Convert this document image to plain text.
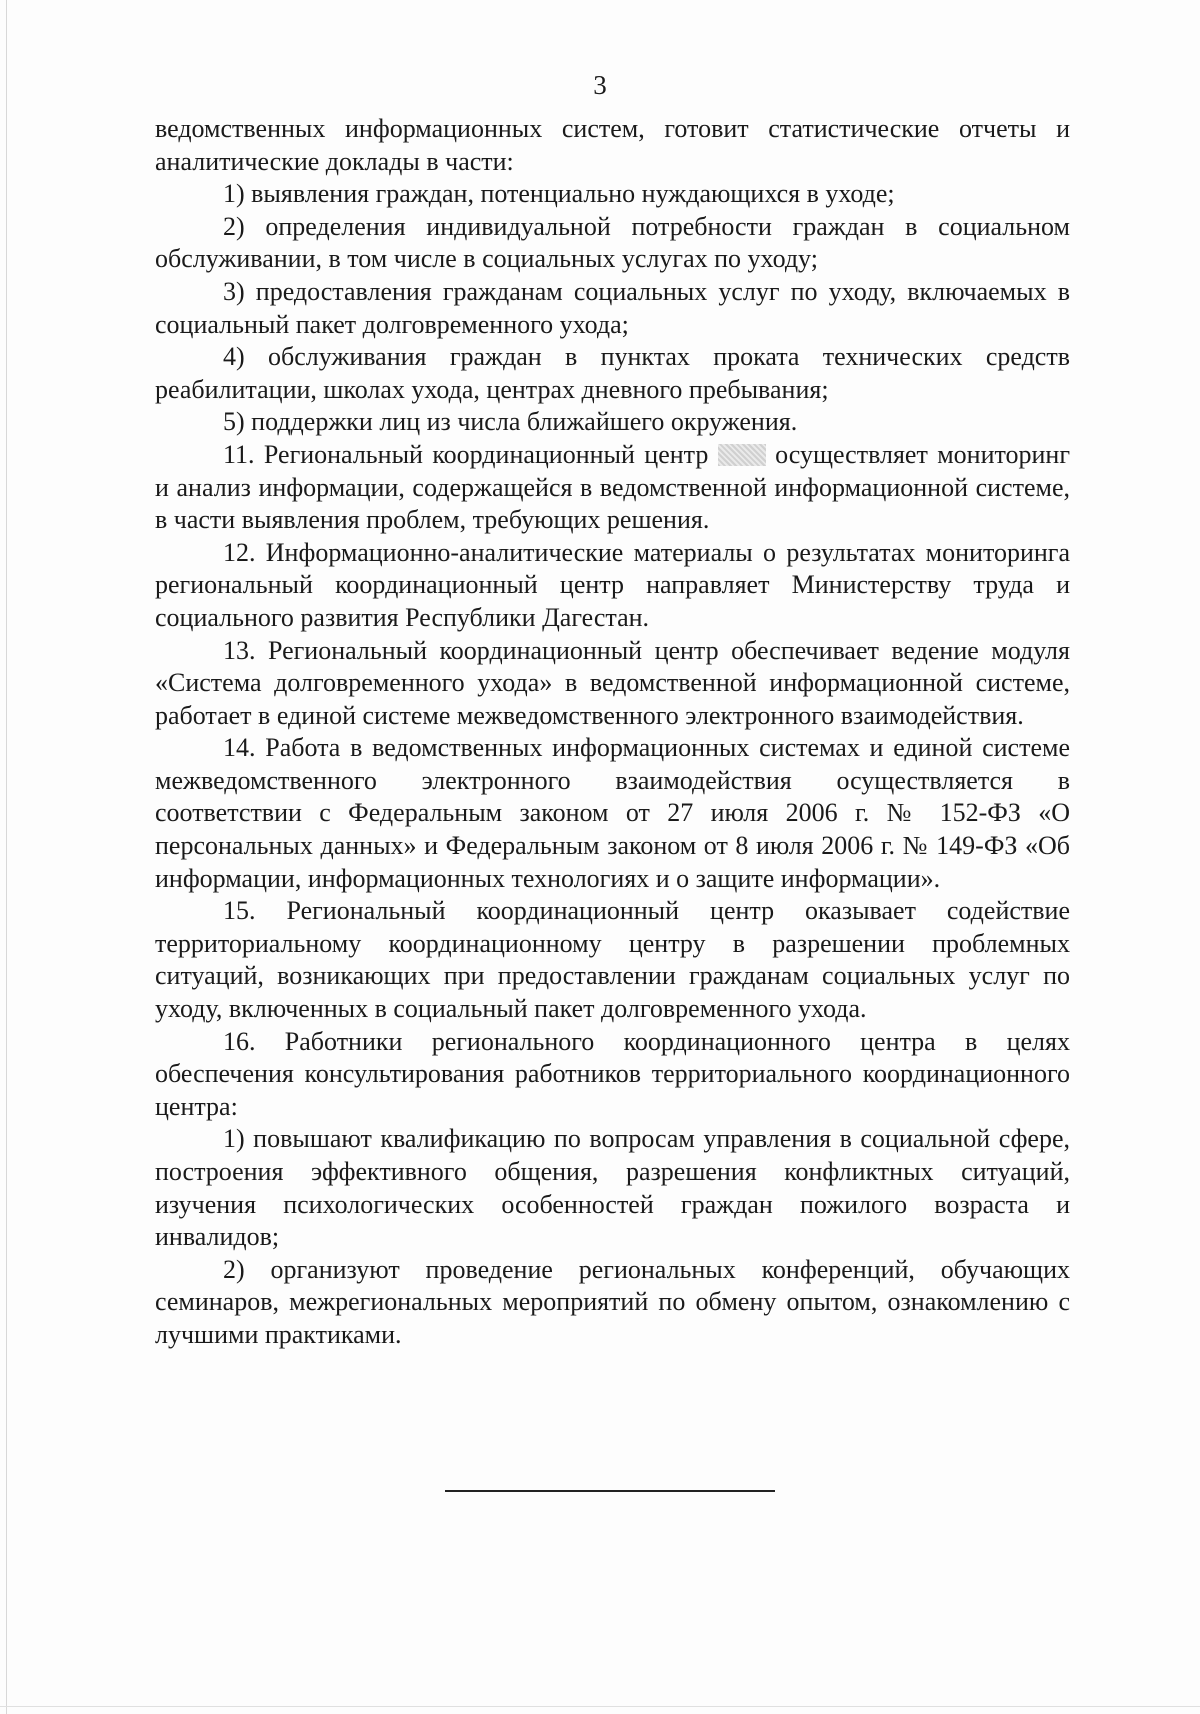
3

ведомственных информационных систем, готовит статистические отчеты и аналитические доклады в части:

1) выявления граждан, потенциально нуждающихся в уходе;

2) определения индивидуальной потребности граждан в социальном обслуживании, в том числе в социальных услугах по уходу;

3) предоставления гражданам социальных услуг по уходу, включаемых в социальный пакет долговременного ухода;

4) обслуживания граждан в пунктах проката технических средств реабилитации, школах ухода, центрах дневного пребывания;

5) поддержки лиц из числа ближайшего окружения.

11. Региональный координационный центр	осуществляет мониторинг и анализ информации, содержащейся в ведомственной информационной системе, в части выявления проблем, требующих решения.

12. Информационно-аналитические материалы о результатах мониторинга региональный координационный центр направляет Министерству труда и социального развития Республики Дагестан.

13. Региональный координационный центр обеспечивает ведение модуля «Система долговременного ухода» в ведомственной информационной системе, работает в единой системе межведомственного электронного взаимодействия.

14. Работа в ведомственных информационных системах и единой системе межведомственного электронного взаимодействия осуществляется в соответствии с Федеральным законом от 27 июля 2006 г. № 152-ФЗ «О персональных данных» и Федеральным законом от 8 июля 2006 г. № 149-ФЗ «Об информации, информационных технологиях и о защите информации».

15. Региональный координационный центр оказывает содействие территориальному координационному центру в разрешении проблемных ситуаций, возникающих при предоставлении гражданам социальных услуг по уходу, включенных в социальный пакет долговременного ухода.

16. Работники регионального координационного центра в целях обеспечения консультирования работников территориального координационного центра:

1) повышают квалификацию по вопросам управления в социальной сфере, построения эффективного общения, разрешения конфликтных ситуаций, изучения психологических особенностей граждан пожилого возраста и инвалидов;

2) организуют проведение региональных конференций, обучающих семинаров, межрегиональных мероприятий по обмену опытом, ознакомлению с лучшими практиками.
